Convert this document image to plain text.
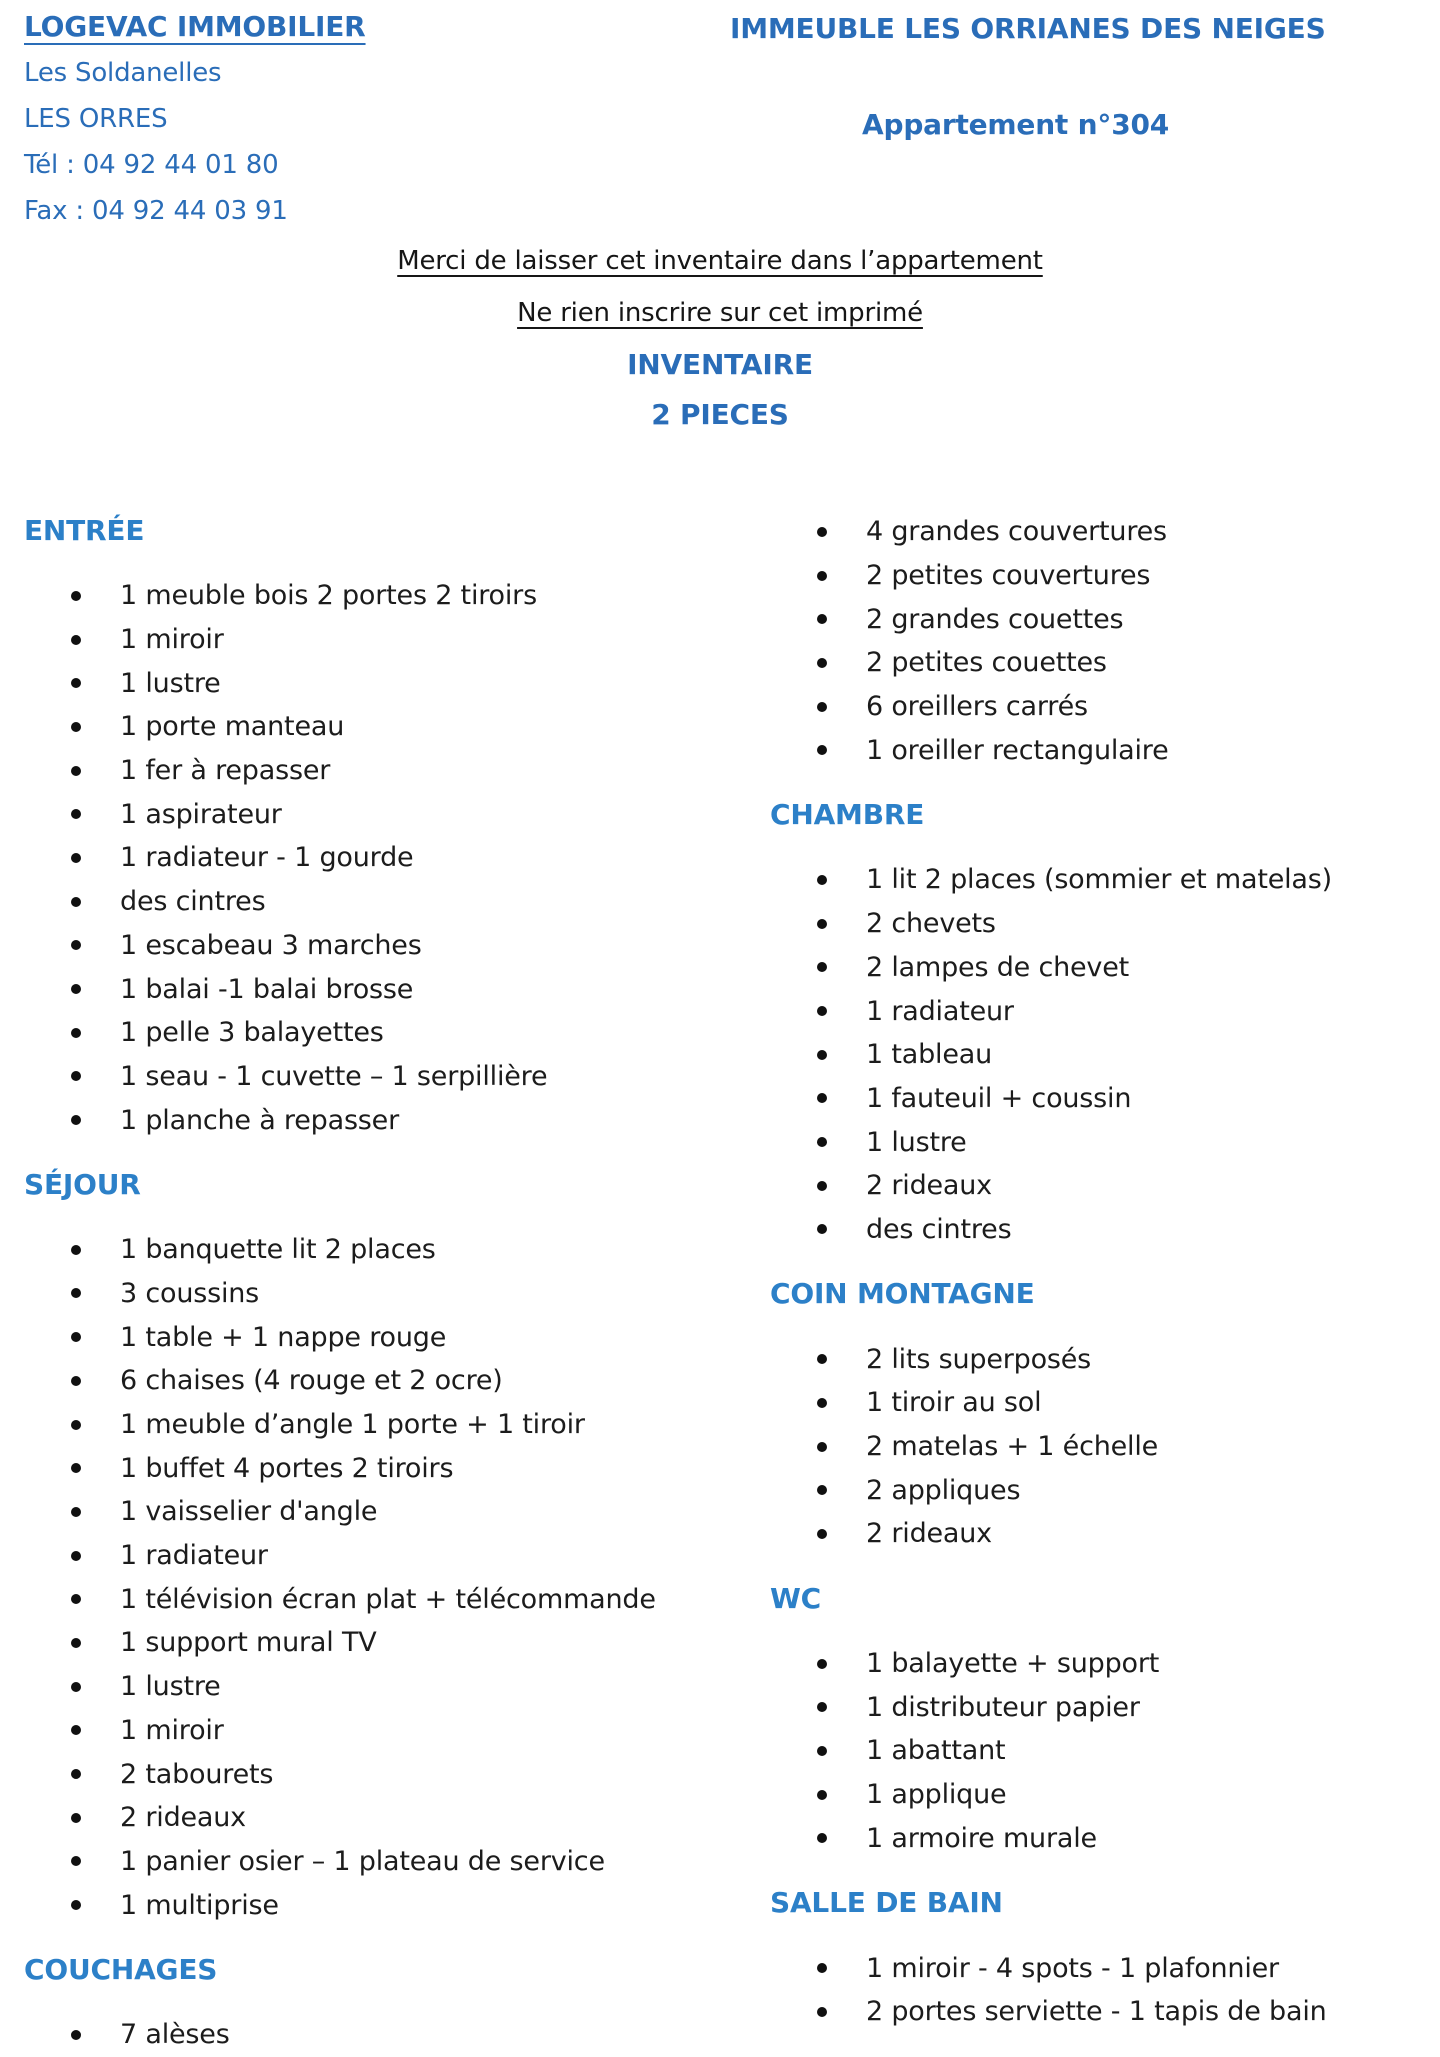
LOGEVAC IMMOBILIER	IMMEUBLE LES ORRIANES DES NEIGES
Les Soldanelles
LES ORRES	Appartement n°304
Tél : 04 92 44 01 80
Fax : 04 92 44 03 91
Merci de laisser cet inventaire dans l’appartement
Ne rien inscrire sur cet imprimé
INVENTAIRE
2 PIECES
ENTRÉE
1 meuble bois 2 portes 2 tiroirs
1 miroir
1 lustre
1 porte manteau
1 fer à repasser
1 aspirateur
1 radiateur - 1 gourde
des cintres
1 escabeau 3 marches
1 balai -1 balai brosse
1 pelle 3 balayettes
1 seau - 1 cuvette – 1 serpillière
1 planche à repasser
SÉJOUR
1 banquette lit 2 places
3 coussins
1 table + 1 nappe rouge
6 chaises (4 rouge et 2 ocre)
1 meuble d’angle 1 porte + 1 tiroir
1 buffet 4 portes 2 tiroirs
1 vaisselier d'angle
1 radiateur
1 télévision écran plat + télécommande
1 support mural TV
1 lustre
1 miroir
2 tabourets
2 rideaux
1 panier osier – 1 plateau de service
1 multiprise
COUCHAGES
7 alèses
4 grandes couvertures
2 petites couvertures
2 grandes couettes
2 petites couettes
6 oreillers carrés
1 oreiller rectangulaire
CHAMBRE
1 lit 2 places (sommier et matelas)
2 chevets
2 lampes de chevet
1 radiateur
1 tableau
1 fauteuil + coussin
1 lustre
2 rideaux
des cintres
COIN MONTAGNE
2 lits superposés
1 tiroir au sol
2 matelas + 1 échelle
2 appliques
2 rideaux
WC
1 balayette + support
1 distributeur papier
1 abattant
1 applique
1 armoire murale
SALLE DE BAIN
1 miroir - 4 spots - 1 plafonnier
2 portes serviette - 1 tapis de bain
